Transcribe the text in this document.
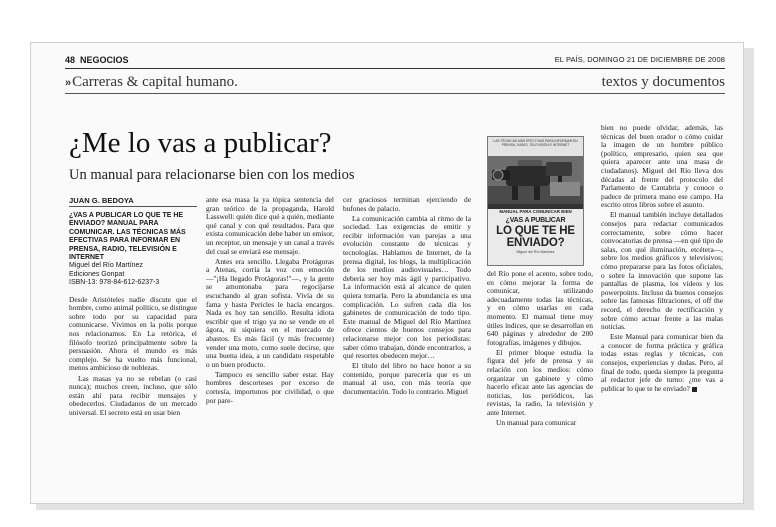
48 NEGOCIOS	EL PAÍS, DOMINGO 21 DE DICIEMBRE DE 2008
» Carreras & capital humano.	textos y documentos
¿Me lo vas a publicar?
Un manual para relacionarse bien con los medios
JUAN G. BEDOYA
¿VAS A PUBLICAR LO QUE TE HE ENVIADO? MANUAL PARA COMUNICAR. LAS TÉCNICAS MÁS EFECTIVAS PARA INFORMAR EN PRENSA, RADIO, TELEVISIÓN E INTERNET
Miguel del Río Martínez
Ediciones Gonpat
ISBN-13: 978-84-612-6237-3

Desde Aristóteles nadie discute que el hombre, como animal político, se distingue sobre todo por su capacidad para comunicarse. Vivimos en la polis porque nos relacionamos. En La retórica, el filósofo teorizó principalmente sobre la persuasión. Ahora el mundo es más complejo. Se ha vuelto más funcional, menos ambicioso de noblezas.

Las masas ya no se rebelan (o casi nunca); muchos creen, incluso, que sólo están ahí para recibir mensajes y obedecerlos. Ciudadanos de un mercado universal. El secreto está en usar bien

ante esa masa la ya tópica sentencia del gran teórico de la propaganda, Harold Lasswell: quién dice qué a quién, mediante qué canal y con qué resultados. Para que exista comunicación debe haber un emisor, un receptor, un mensaje y un canal a través del cual se enviará ese mensaje.

Antes era sencillo. Llegaba Protágoras a Atenas, corría la voz con emoción —"¡Ha llegado Protágoras!"—, y la gente se amontonaba para regocijarse escuchando al gran sofista. Vivía de su fama y hasta Pericles le hacía encargos. Nada es hoy tan sencillo. Resulta idiota escribir que el trigo ya no se vende en el ágora, ni siquiera en el mercado de abastos. Es más fácil (y más frecuente) vender una moto, como suele decirse, que una buena idea, a un candidato respetable o un buen producto.

Tampoco es sencillo saber estar. Hay hombres descorteses por exceso de cortesía, importunos por civilidad, o que por pare-

cer graciosos terminan ejerciendo de bufones de palacio.

La comunicación cambia al ritmo de la sociedad. Las exigencias de emitir y recibir información van parejas a una evolución constante de técnicas y tecnologías. Hablamos de Internet, de la prensa digital, los blogs, la multiplicación de los medios audiovisuales… Todo debería ser hoy más ágil y participativo. La información está al alcance de quien quiera tomarla. Pero la abundancia es una complicación. Lo sufren cada día los gabinetes de comunicación de todo tipo. Este manual de Miguel del Río Martínez ofrece cientos de buenos consejos para relacionarse mejor con los periodistas: saber cómo trabajan, dónde encontrarlos, a qué resortes obedecen mejor…

El título del libro no hace honor a su contenido, porque parecería que es un manual al uso, con más teoría que documentación. Todo lo contrario. Miguel

del Río pone el acento, sobre todo, en cómo mejorar la forma de comunicar, utilizando adecuadamente todas las técnicas, y en cómo usarlas en cada momento. El manual tiene muy útiles índices, que se desarrollan en 640 páginas y alrededor de 200 fotografías, imágenes y dibujos.

El primer bloque estudia la figura del jefe de prensa y su relación con los medios: cómo organizar un gabinete y cómo hacerlo eficaz ante las agencias de noticias, los periódicos, las revistas, la radio, la televisión y ante Internet.

Un manual para comunicar

bien no puede olvidar, además, las técnicas del buen orador o cómo cuidar la imagen de un hombre público (político, empresario, quien sea que quiera aparecer ante una masa de ciudadanos). Miguel del Río lleva dos décadas al frente del protocolo del Parlamento de Cantabria y conoce o padece de primera mano ese campo. Ha escrito otros libros sobre el asunto.

El manual también incluye detallados consejos para redactar comunicados correctamente, sobre cómo hacer convocatorias de prensa —en qué tipo de salas, con qué iluminación, etcétera—, sobre los medios gráficos y televisivos; cómo prepararse para las fotos oficiales, o sobre la innovación que supone las pantallas de plasma, los vídeos y los powerpoints. Incluso da buenos consejos sobre las famosas filtraciones, el off the record, el derecho de rectificación y sobre cómo actuar frente a las malas noticias.

Este Manual para comunicar bien da a conocer de forma práctica y gráfica todas estas reglas y técnicas, con consejos, experiencias y dudas. Pero, al final de todo, queda siempre la pregunta al redactor jefe de turno: ¿me vas a publicar lo que te he enviado?

LAS TÉCNICAS MÁS EFECTIVAS PARA INFORMAR EN PRENSA, RADIO, TELEVISIÓN E INTERNET
MANUAL PARA COMUNICAR BIEN
¿VAS A PUBLICAR
LO QUE TE HE
ENVIADO?
Miguel del Río Martínez
